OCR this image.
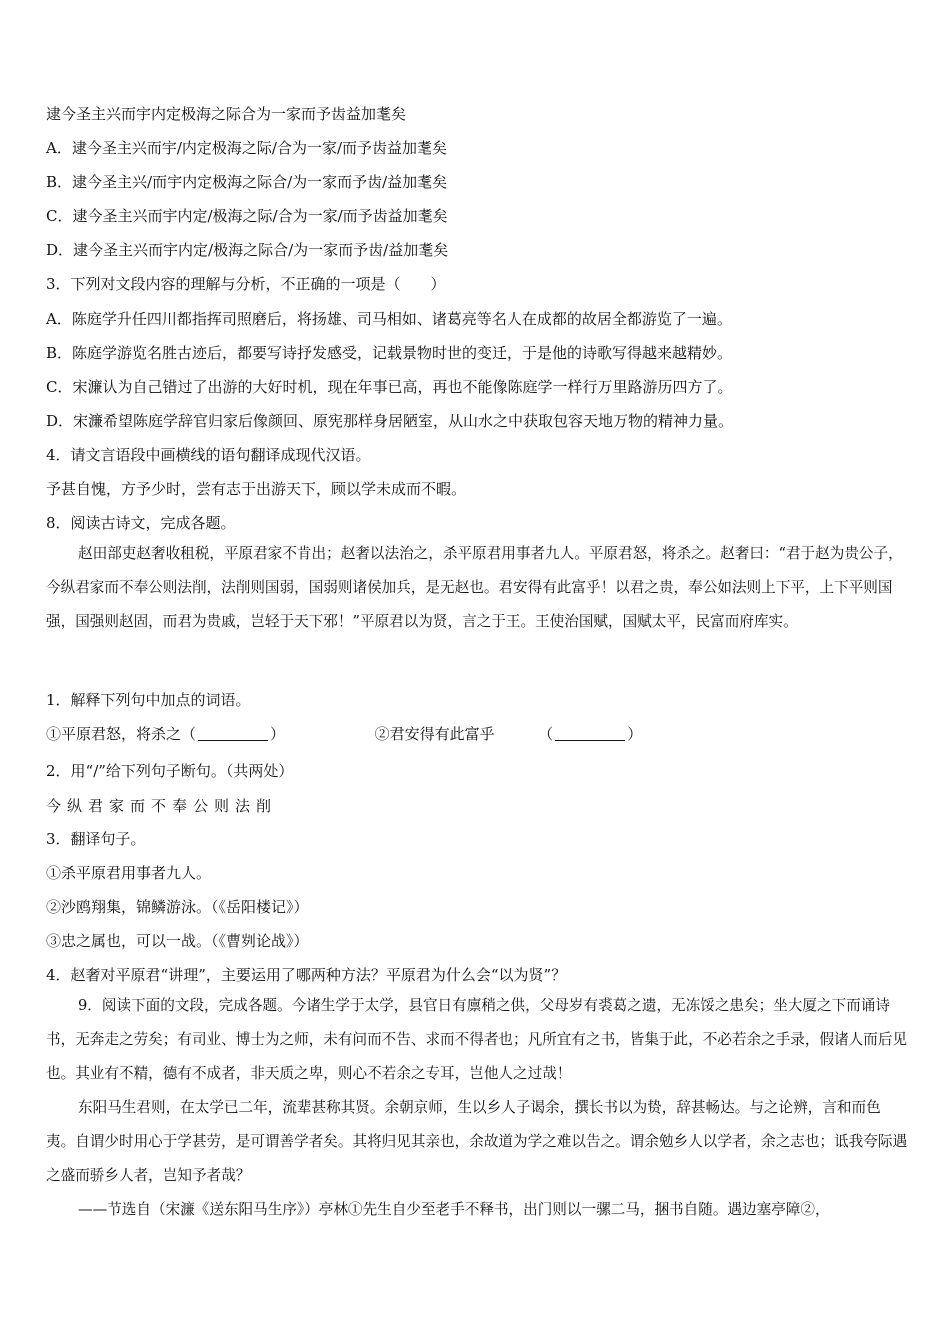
逮今圣主兴而宇内定极海之际合为一家而予齿益加耄矣
A．逮今圣主兴而宇/内定极海之际/合为一家/而予齿益加耄矣
B．逮今圣主兴/而宇内定极海之际合/为一家而予齿/益加耄矣
C．逮今圣主兴而宇内定/极海之际/合为一家/而予齿益加耄矣
D．逮今圣主兴而宇内定/极海之际合/为一家而予齿/益加耄矣
3．下列对文段内容的理解与分析，不正确的一项是（　　）
A．陈庭学升任四川都指挥司照磨后，将扬雄、司马相如、诸葛亮等名人在成都的故居全都游览了一遍。
B．陈庭学游览名胜古迹后，都要写诗抒发感受，记载景物时世的变迁，于是他的诗歌写得越来越精妙。
C．宋濂认为自己错过了出游的大好时机，现在年事已高，再也不能像陈庭学一样行万里路游历四方了。
D．宋濂希望陈庭学辞官归家后像颜回、原宪那样身居陋室，从山水之中获取包容天地万物的精神力量。
4．请文言语段中画横线的语句翻译成现代汉语。
予甚自愧，方予少时，尝有志于出游天下，顾以学未成而不暇。
8．阅读古诗文，完成各题。
赵田部吏赵奢收租税，平原君家不肯出；赵奢以法治之，杀平原君用事者九人。平原君怒，将杀之。赵奢曰：“君于赵为贵公子，今纵君家而不奉公则法削，法削则国弱，国弱则诸侯加兵，是无赵也。君安得有此富乎！以君之贵，奉公如法则上下平，上下平则国强，国强则赵固，而君为贵戚，岂轻于天下邪！”平原君以为贤，言之于王。王使治国赋，国赋太平，民富而府库实。
1．解释下列句中加点的词语。
①平原君怒，将杀之（	）	②君安得有此富乎	（	）
2．用“/”给下列句子断句。（共两处）
今纵君家而不奉公则法削
3．翻译句子。
①杀平原君用事者九人。
②沙鸥翔集，锦鳞游泳。（《岳阳楼记》）
③忠之属也，可以一战。（《曹刿论战》）
4．赵奢对平原君“讲理”，主要运用了哪两种方法？平原君为什么会“以为贤”？
9．阅读下面的文段，完成各题。今诸生学于太学，县官日有廪稍之供，父母岁有裘葛之遗，无冻馁之患矣；坐大厦之下而诵诗书，无奔走之劳矣；有司业、博士为之师，未有问而不告、求而不得者也；凡所宜有之书，皆集于此，不必若余之手录，假诸人而后见也。其业有不精，德有不成者，非天质之卑，则心不若余之专耳，岂他人之过哉！
东阳马生君则，在太学已二年，流辈甚称其贤。余朝京师，生以乡人子谒余，撰长书以为贽，辞甚畅达。与之论辨，言和而色夷。自谓少时用心于学甚劳，是可谓善学者矣。其将归见其亲也，余故道为学之难以告之。谓余勉乡人以学者，余之志也；诋我夸际遇之盛而骄乡人者，岂知予者哉？
——节选自（宋濂《送东阳马生序》）亭林①先生自少至老手不释书，出门则以一骡二马，捆书自随。遇边塞亭障②，
